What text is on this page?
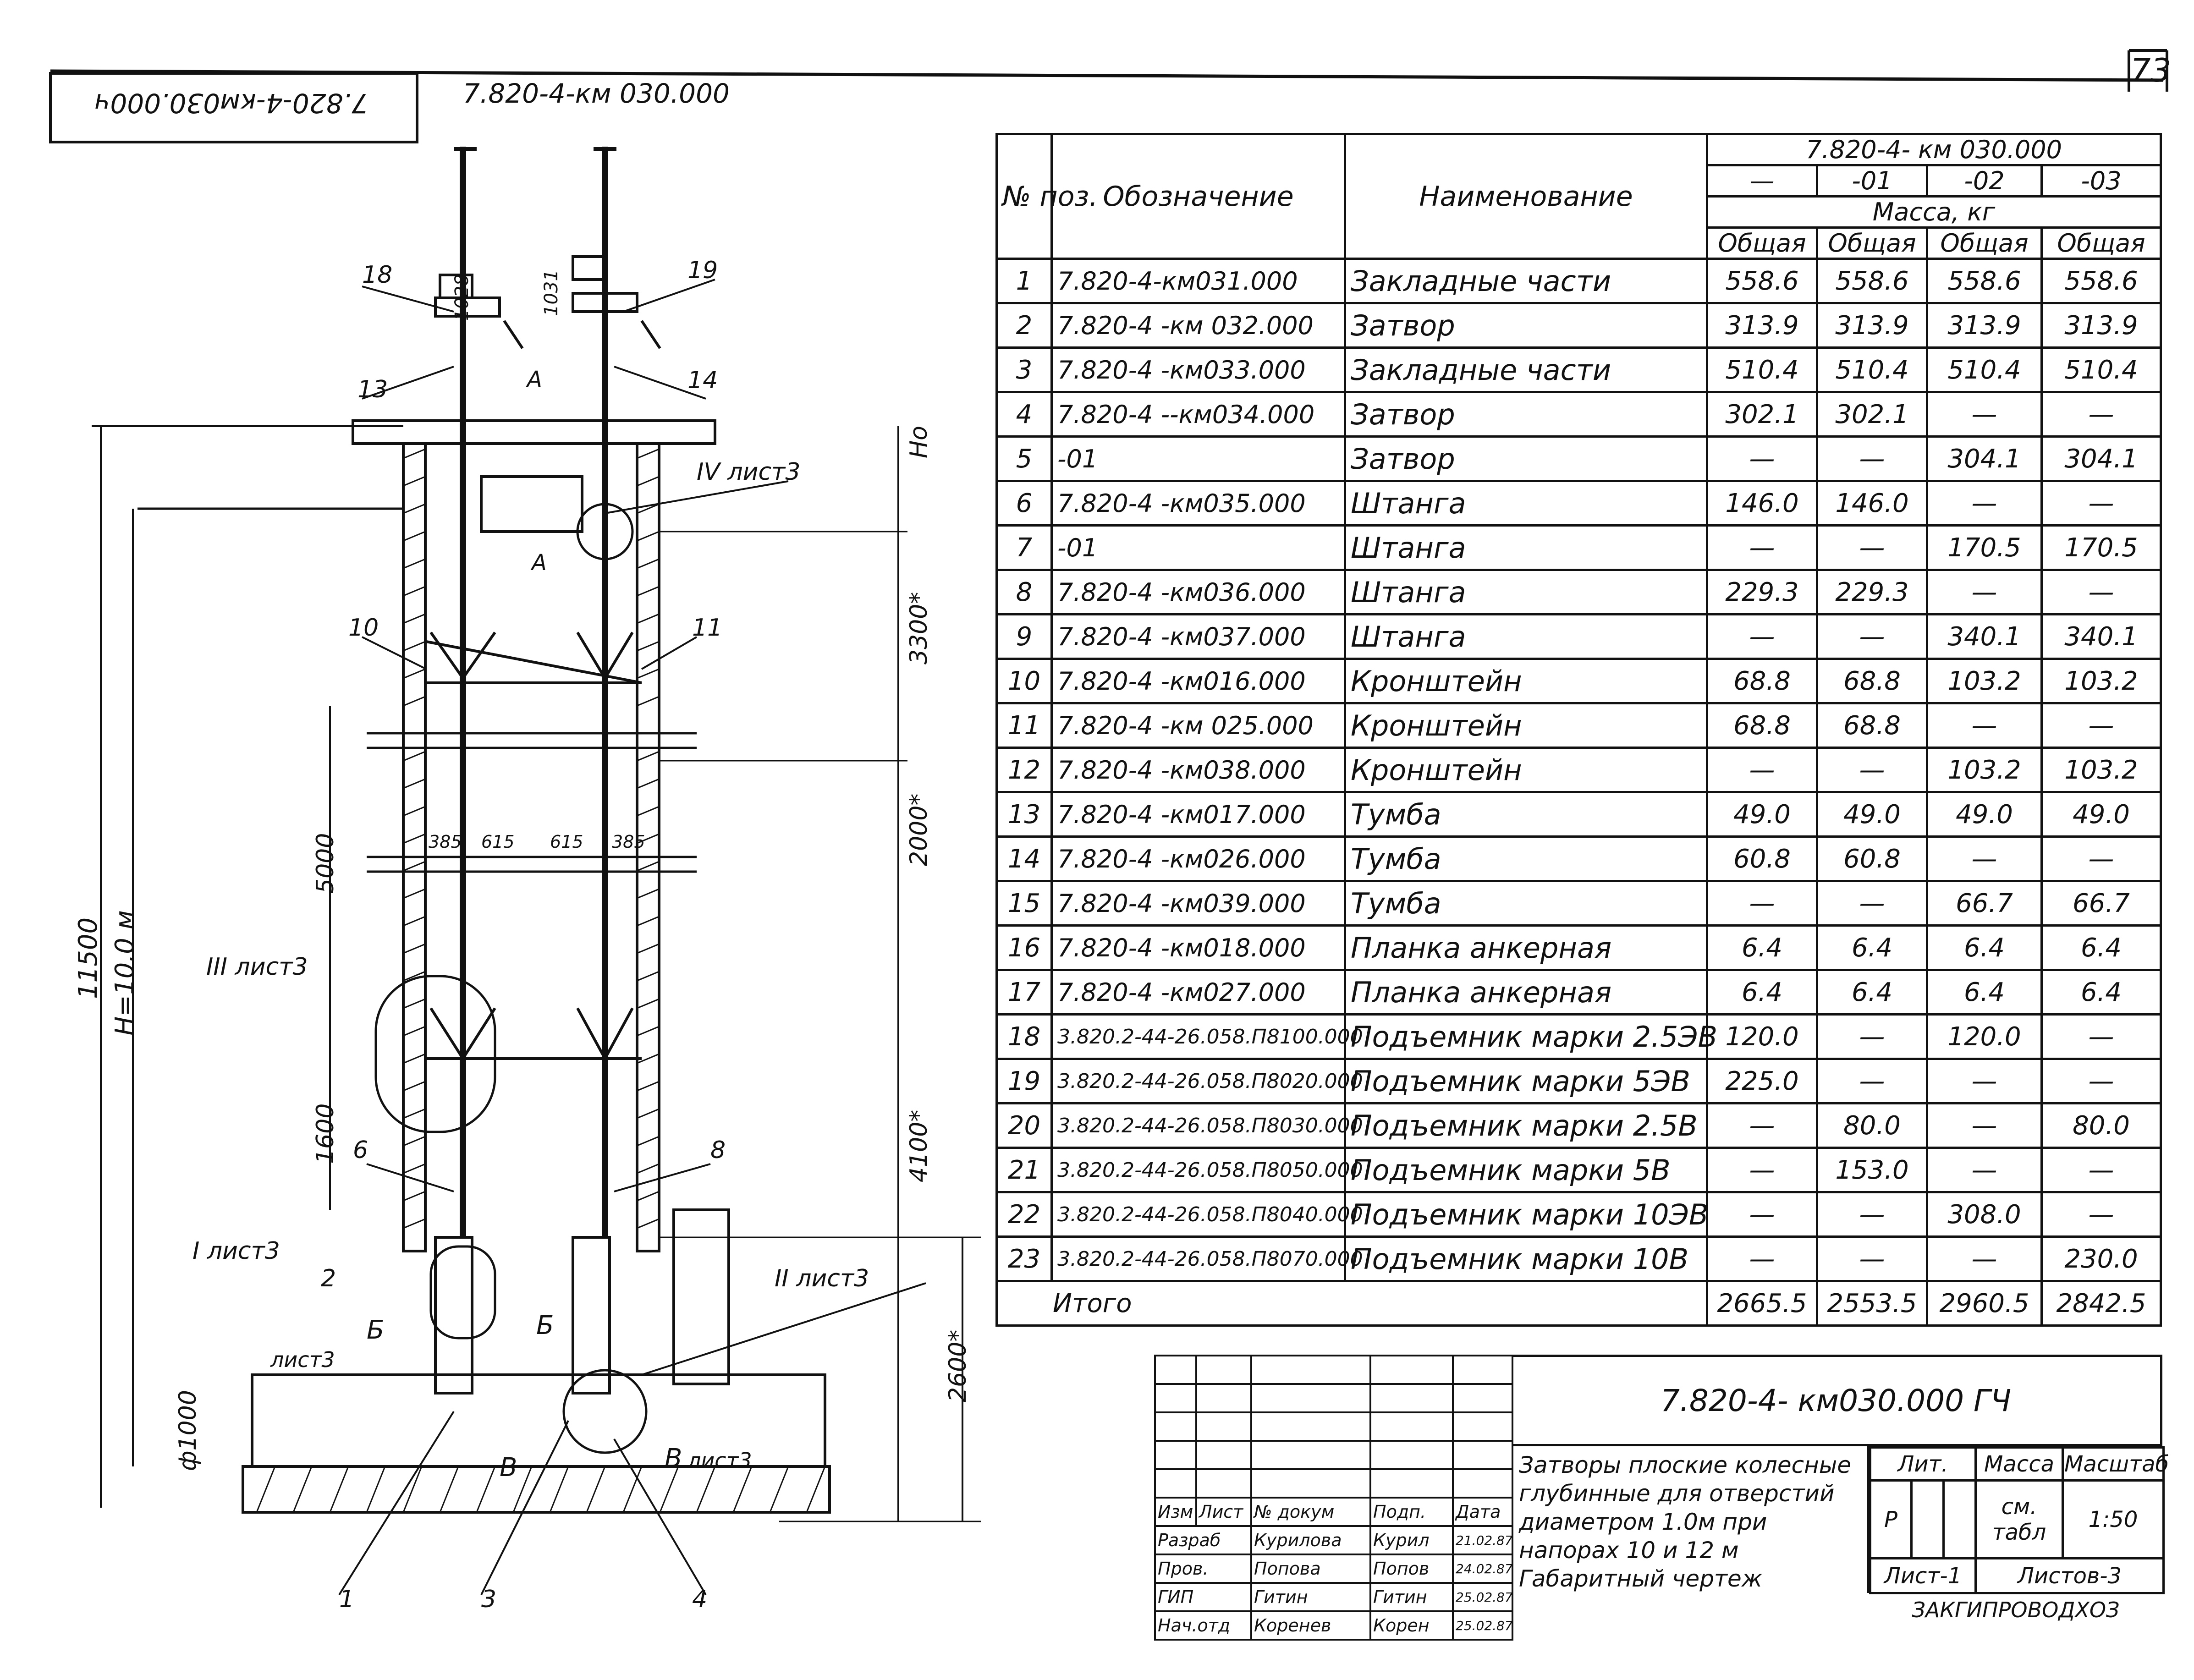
7.820-4-км030.000ч	7.820-4-км 030.000
73
1028	1031
Нo
3300*
5000	2000*
11500 Н=10.0 м
1600	4100*
2600*
ф1000
385 615 615 385
А
А
Б	Б
лист3
В	В лист3
IV лист3
III лист3
I лист3
II лист3
18	19
13	14
10	11
6	8
2
1	3	4
№ поз.	Обозначение	Наименование	7.820-4- км 030.000			
			—	-01	-02	-03
			Масса, кг			
			Общая	Общая	Общая	Общая
1	7.820-4-км031.000	Закладные части	558.6	558.6	558.6	558.6
2	7.820-4 -км 032.000	Затвор	313.9	313.9	313.9	313.9
3	7.820-4 -км033.000	Закладные части	510.4	510.4	510.4	510.4
4	7.820-4 --км034.000	Затвор	302.1	302.1	—	—
5	-01	Затвор	—	—	304.1	304.1
6	7.820-4 -км035.000	Штанга	146.0	146.0	—	—
7	-01	Штанга	—	—	170.5	170.5
8	7.820-4 -км036.000	Штанга	229.3	229.3	—	—
9	7.820-4 -км037.000	Штанга	—	—	340.1	340.1
10	7.820-4 -км016.000	Кронштейн	68.8	68.8	103.2	103.2
11	7.820-4 -км 025.000	Кронштейн	68.8	68.8	—	—
12	7.820-4 -км038.000	Кронштейн	—	—	103.2	103.2
13	7.820-4 -км017.000	Тумба	49.0	49.0	49.0	49.0
14	7.820-4 -км026.000	Тумба	60.8	60.8	—	—
15	7.820-4 -км039.000	Тумба	—	—	66.7	66.7
16	7.820-4 -км018.000	Планка анкерная	6.4	6.4	6.4	6.4
17	7.820-4 -км027.000	Планка анкерная	6.4	6.4	6.4	6.4
18	3.820.2-44-26.058.П8100.000	Подъемник марки 2.5ЭВ	120.0	—	120.0	—
19	3.820.2-44-26.058.П8020.000	Подъемник марки 5ЭВ	225.0	—	—	—
20	3.820.2-44-26.058.П8030.000	Подъемник марки 2.5В	—	80.0	—	80.0
21	3.820.2-44-26.058.П8050.000	Подъемник марки 5В	—	153.0	—	—
22	3.820.2-44-26.058.П8040.000	Подъемник марки 10ЭВ	—	—	308.0	—
23	3.820.2-44-26.058.П8070.000	Подъемник марки 10В	—	—	—	230.0
Итого			2665.5	2553.5	2960.5	2842.5

Изм	Лист	№ докум	Подп.	Дата
Разраб		Курилова	Курил	21.02.87
Пров.		Попова	Попов	24.02.87
ГИП		Гитин	Гитин	25.02.87
Нач.отд		Коренев	Корен	25.02.87
7.820-4- км030.000 ГЧ
Затворы плоские колесные
глубинные для отверстий
диаметром 1.0м при
напорах 10 и 12 м
Габаритный чертеж
Лит.			Масса	Масштаб
Р			см. табл	1:50
Лист-1			Листов-3	
ЗАКГИПРОВОДХОЗ
